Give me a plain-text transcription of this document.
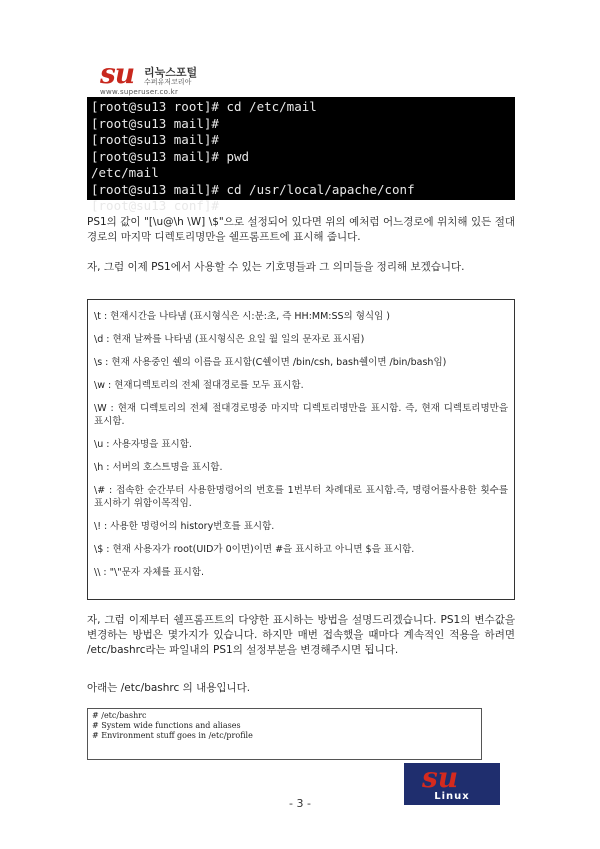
su 리눅스포털
수퍼유저코리아
www.superuser.co.kr
[root@su13 root]# cd /etc/mail
[root@su13 mail]#
[root@su13 mail]#
[root@su13 mail]# pwd
/etc/mail
[root@su13 mail]# cd /usr/local/apache/conf
[root@su13 conf]#
PS1의 값이 "[\u@\h \W] \$"으로 설정되어 있다면 위의 예처럼 어느경로에 위치해 있든 절대경로의 마지막 디렉토리명만을 쉘프롬프트에 표시해 줍니다.
자, 그럼 이제 PS1에서 사용할 수 있는 기호명들과 그 의미들을 정리해 보겠습니다.
\t : 현재시간을 나타냄 (표시형식은 시:분:초, 즉 HH:MM:SS의 형식임 )
\d : 현재 날짜를 나타냄 (표시형식은 요일 월 일의 문자로 표시됨)
\s : 현재 사용중인 쉘의 이름을 표시함(C쉘이면 /bin/csh, bash쉘이면 /bin/bash임)
\w : 현재디렉토리의 전체 절대경로를 모두 표시함.
\W : 현재 디렉토리의 전체 절대경로명중 마지막 디렉토리명만을 표시함. 즉, 현재 디렉토리명만을 표시함.
\u : 사용자명을 표시함.
\h : 서버의 호스트명을 표시함.
\# : 접속한 순간부터 사용한명령어의 번호를 1번부터 차례대로 표시함.즉, 명령어를사용한 횟수를 표시하기 위함이목적임.
\! : 사용한 명령어의 history번호를 표시함.
\$ : 현재 사용자가 root(UID가 0이면)이면 #을 표시하고 아니면 $을 표시함.
\\ : "\"문자 자체를 표시함.
자, 그럼 이제부터 쉘프롬프트의 다양한 표시하는 방법을 설명드리겠습니다. PS1의 변수값을 변경하는 방법은 몇가지가 있습니다. 하지만 매번 접속했을 때마다 계속적인 적용을 하려면 /etc/bashrc라는 파일내의 PS1의 설정부분을 변경해주시면 됩니다.
아래는 /etc/bashrc 의 내용입니다.
# /etc/bashrc
# System wide functions and aliases
# Environment stuff goes in /etc/profile
su
Linux
- 3 -
